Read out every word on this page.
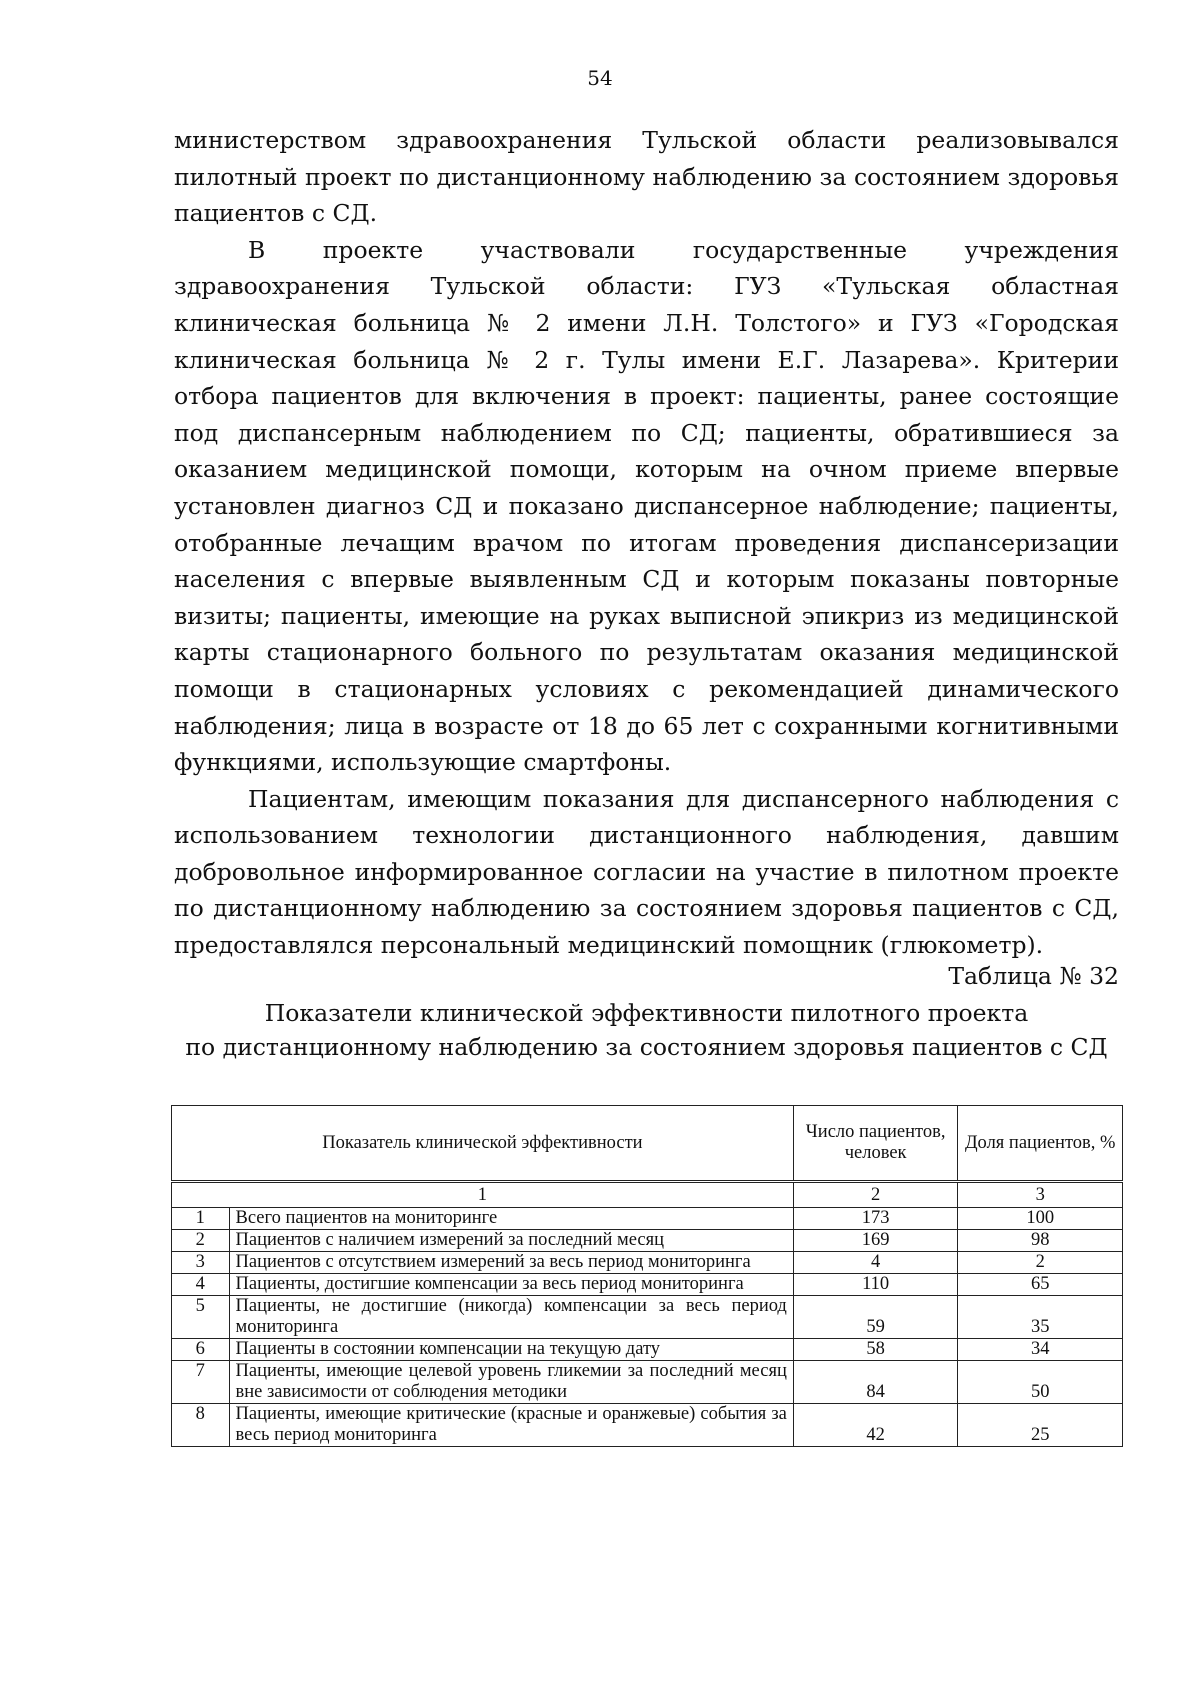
54

министерством здравоохранения Тульской области реализовывался пилотный проект по дистанционному наблюдению за состоянием здоровья пациентов с СД.

В проекте участвовали государственные учреждения здравоохранения Тульской области: ГУЗ «Тульская областная клиническая больница № 2 имени Л.Н. Толстого» и ГУЗ «Городская клиническая больница № 2 г. Тулы имени Е.Г. Лазарева». Критерии отбора пациентов для включения в проект: пациенты, ранее состоящие под диспансерным наблюдением по СД; пациенты, обратившиеся за оказанием медицинской помощи, которым на очном приеме впервые установлен диагноз СД и показано диспансерное наблюдение; пациенты, отобранные лечащим врачом по итогам проведения диспансеризации населения с впервые выявленным СД и которым показаны повторные визиты; пациенты, имеющие на руках выписной эпикриз из медицинской карты стационарного больного по результатам оказания медицинской помощи в стационарных условиях с рекомендацией динамического наблюдения; лица в возрасте от 18 до 65 лет с сохранными когнитивными функциями, использующие смартфоны.

Пациентам, имеющим показания для диспансерного наблюдения с использованием технологии дистанционного наблюдения, давшим добровольное информированное согласии на участие в пилотном проекте по дистанционному наблюдению за состоянием здоровья пациентов с СД, предоставлялся персональный медицинский помощник (глюкометр).

Таблица № 32
Показатели клинической эффективности пилотного проекта
по дистанционному наблюдению за состоянием здоровья пациентов с СД
Показатель клинической эффективности		Число пациентов, человек	Доля пациентов, %
1		2	3
1	Всего пациентов на мониторинге	173	100
2	Пациентов с наличием измерений за последний месяц	169	98
3	Пациентов с отсутствием измерений за весь период мониторинга	4	2
4	Пациенты, достигшие компенсации за весь период мониторинга	110	65
5	Пациенты, не достигшие (никогда) компенсации за весь период мониторинга	59	35
6	Пациенты в состоянии компенсации на текущую дату	58	34
7	Пациенты, имеющие целевой уровень гликемии за последний месяц вне зависимости от соблюдения методики	84	50
8	Пациенты, имеющие критические (красные и оранжевые) события за весь период мониторинга	42	25
